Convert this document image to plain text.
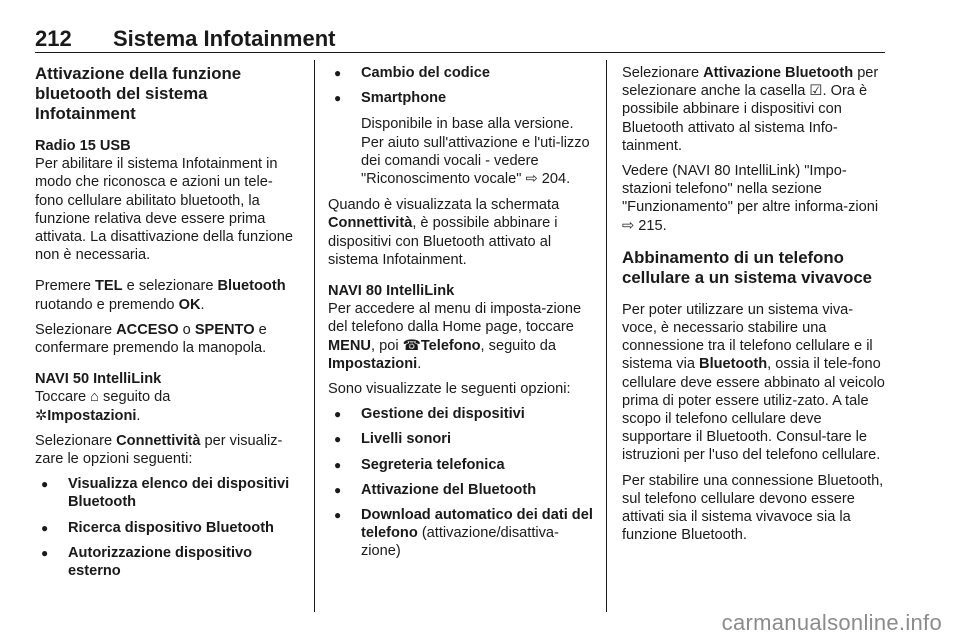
212 Sistema Infotainment
Attivazione della funzione bluetooth del sistema Infotainment
Radio 15 USB

Per abilitare il sistema Infotainment in modo che riconosca e azioni un tele-fono cellulare abilitato bluetooth, la funzione relativa deve essere prima attivata. La disattivazione della funzione non è necessaria.

Premere TEL e selezionare Bluetooth ruotando e premendo OK.

Selezionare ACCESO o SPENTO e confermare premendo la manopola.

NAVI 50 IntelliLink

Toccare ⌂ seguito da
✲Impostazioni.

Selezionare Connettività per visualiz-zare le opzioni seguenti:

● Visualizza elenco dei dispositivi Bluetooth
● Ricerca dispositivo Bluetooth
● Autorizzazione dispositivo esterno
● Cambio del codice
● Smartphone

Disponibile in base alla versione. Per aiuto sull'attivazione e l'uti-lizzo dei comandi vocali - vedere "Riconoscimento vocale" ⇨ 204.

Quando è visualizzata la schermata Connettività, è possibile abbinare i dispositivi con Bluetooth attivato al sistema Infotainment.

NAVI 80 IntelliLink

Per accedere al menu di imposta-zione del telefono dalla Home page, toccare MENU, poi ☎Telefono, seguito da Impostazioni.

Sono visualizzate le seguenti opzioni:

● Gestione dei dispositivi
● Livelli sonori
● Segreteria telefonica
● Attivazione del Bluetooth
● Download automatico dei dati del telefono (attivazione/disattiva-zione)

Selezionare Attivazione Bluetooth per selezionare anche la casella ☑. Ora è possibile abbinare i dispositivi con Bluetooth attivato al sistema Info-tainment.

Vedere (NAVI 80 IntelliLink) "Impo-stazioni telefono" nella sezione "Funzionamento" per altre informa-zioni ⇨ 215.

Abbinamento di un telefono cellulare a un sistema vivavoce

Per poter utilizzare un sistema viva-voce, è necessario stabilire una connessione tra il telefono cellulare e il sistema via Bluetooth, ossia il tele-fono cellulare deve essere abbinato al veicolo prima di poter essere utiliz-zato. A tale scopo il telefono cellulare deve supportare il Bluetooth. Consul-tare le istruzioni per l'uso del telefono cellulare.

Per stabilire una connessione Bluetooth, sul telefono cellulare devono essere attivati sia il sistema vivavoce sia la funzione Bluetooth.

carmanualsonline.info
